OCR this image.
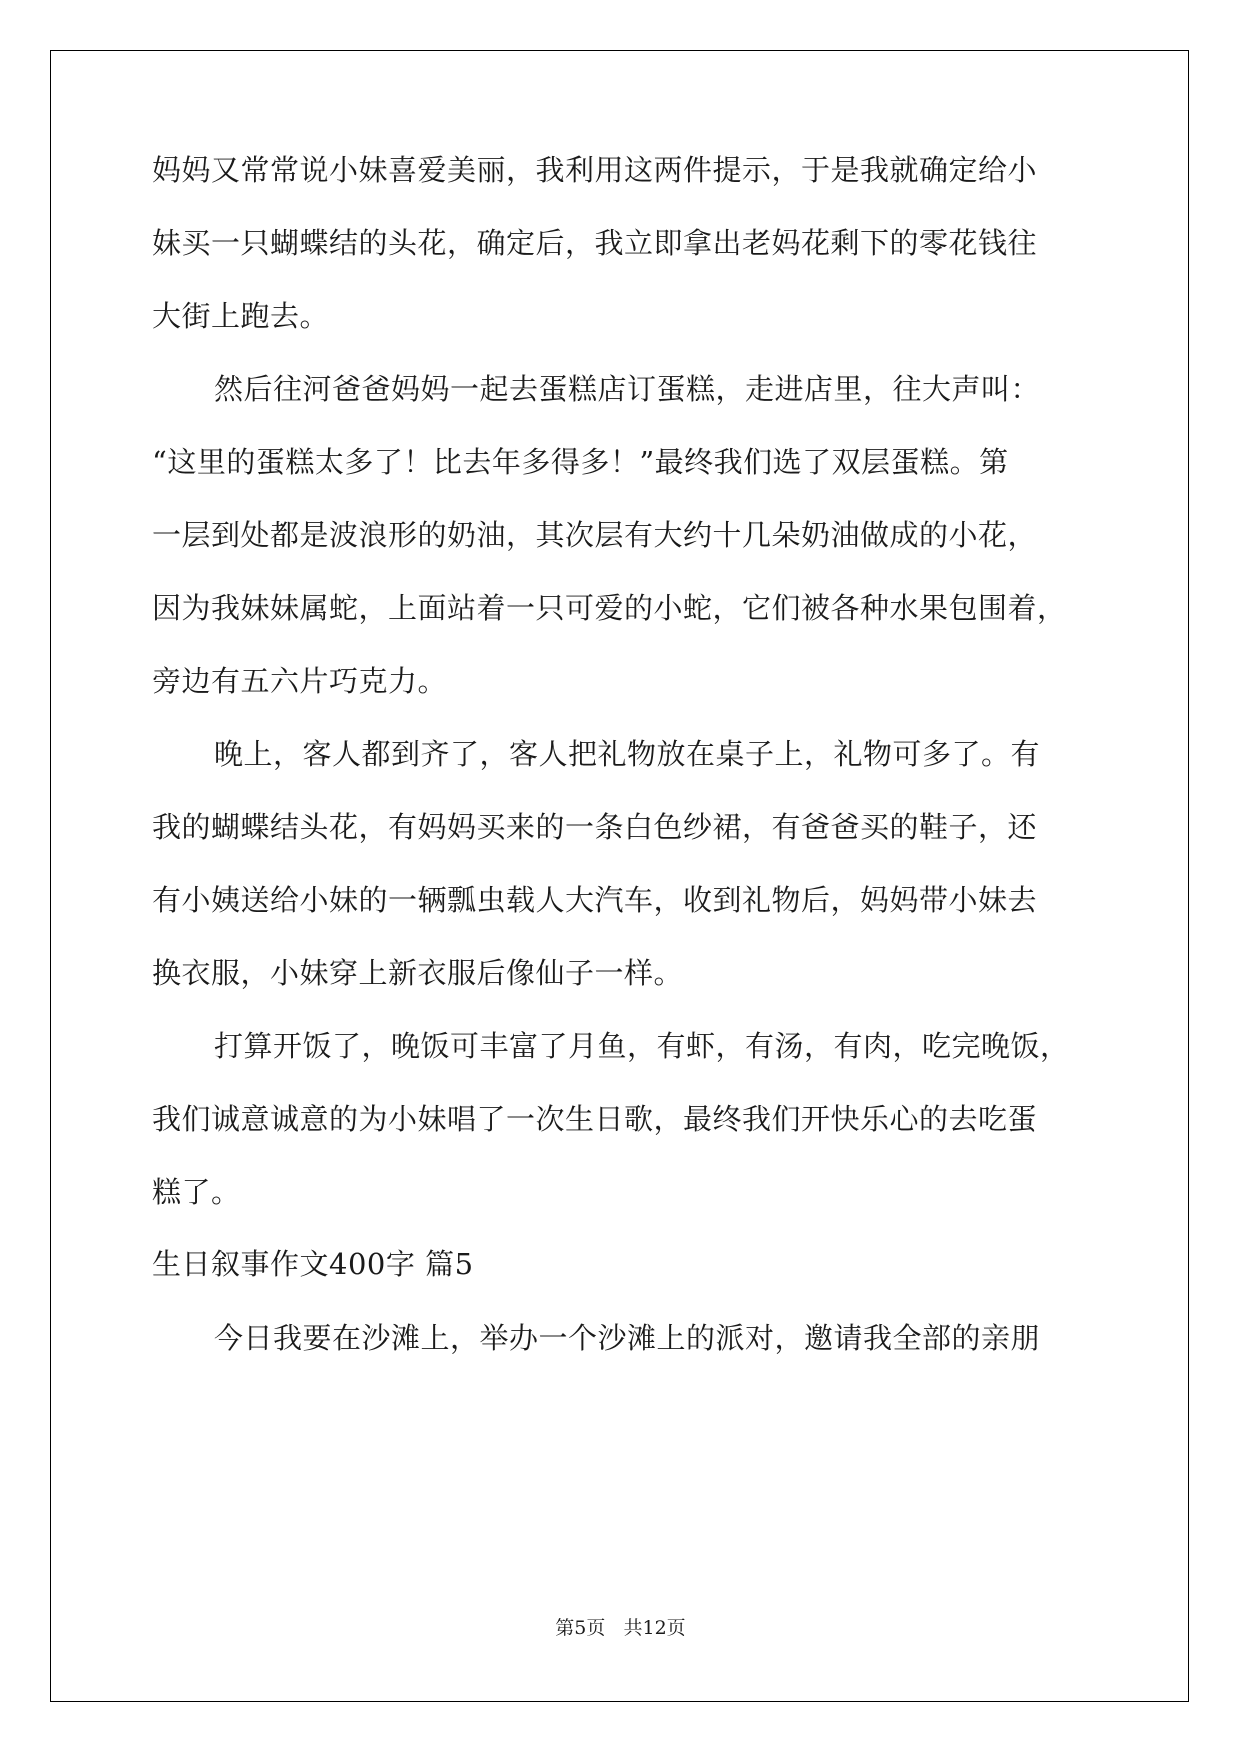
妈妈又常常说小妹喜爱美丽，我利用这两件提示，于是我就确定给小
妹买一只蝴蝶结的头花，确定后，我立即拿出老妈花剩下的零花钱往
大街上跑去。
然后往河爸爸妈妈一起去蛋糕店订蛋糕，走进店里，往大声叫：
“这里的蛋糕太多了！比去年多得多！”最终我们选了双层蛋糕。第
一层到处都是波浪形的奶油，其次层有大约十几朵奶油做成的小花，
因为我妹妹属蛇，上面站着一只可爱的小蛇，它们被各种水果包围着，
旁边有五六片巧克力。
晚上，客人都到齐了，客人把礼物放在桌子上，礼物可多了。有
我的蝴蝶结头花，有妈妈买来的一条白色纱裙，有爸爸买的鞋子，还
有小姨送给小妹的一辆瓢虫载人大汽车，收到礼物后，妈妈带小妹去
换衣服，小妹穿上新衣服后像仙子一样。
打算开饭了，晚饭可丰富了月鱼，有虾，有汤，有肉，吃完晚饭，
我们诚意诚意的为小妹唱了一次生日歌，最终我们开快乐心的去吃蛋
糕了。
生日叙事作文400字 篇5
今日我要在沙滩上，举办一个沙滩上的派对，邀请我全部的亲朋
第5页   共12页
